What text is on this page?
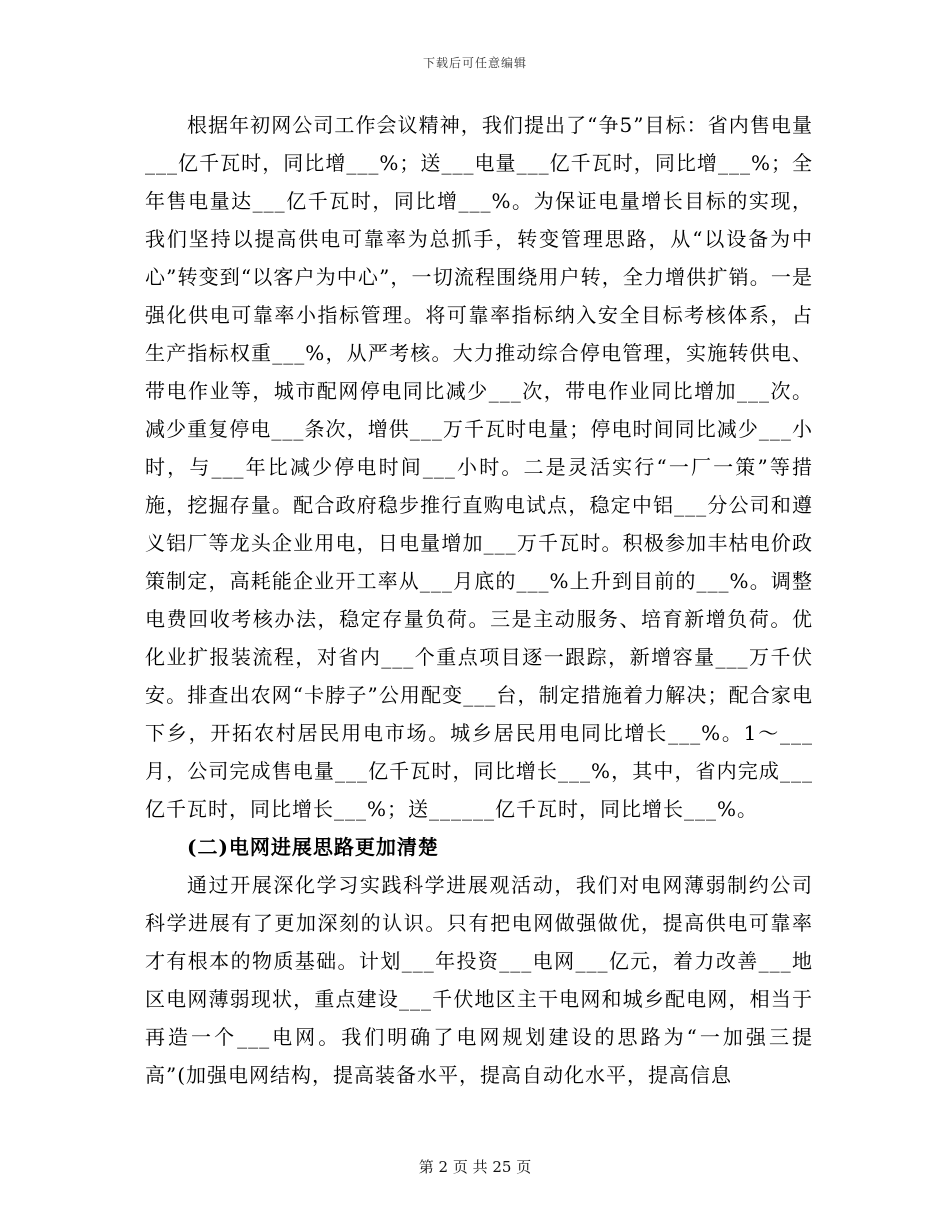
下载后可任意编辑

根据年初网公司工作会议精神，我们提出了“争5”目标：省内售电量___亿千瓦时，同比增___%；送___电量___亿千瓦时，同比增___%；全年售电量达___亿千瓦时，同比增___%。为保证电量增长目标的实现，我们坚持以提高供电可靠率为总抓手，转变管理思路，从“以设备为中心”转变到“以客户为中心”，一切流程围绕用户转，全力增供扩销。一是强化供电可靠率小指标管理。将可靠率指标纳入安全目标考核体系，占生产指标权重___%，从严考核。大力推动综合停电管理，实施转供电、带电作业等，城市配网停电同比减少___次，带电作业同比增加___次。减少重复停电___条次，增供___万千瓦时电量；停电时间同比减少___小时，与___年比减少停电时间___小时。二是灵活实行“一厂一策”等措施，挖掘存量。配合政府稳步推行直购电试点，稳定中铝___分公司和遵义铝厂等龙头企业用电，日电量增加___万千瓦时。积极参加丰枯电价政策制定，高耗能企业开工率从___月底的___%上升到目前的___%。调整电费回收考核办法，稳定存量负荷。三是主动服务、培育新增负荷。优化业扩报装流程，对省内___个重点项目逐一跟踪，新增容量___万千伏安。排查出农网“卡脖子”公用配变___台，制定措施着力解决；配合家电下乡，开拓农村居民用电市场。城乡居民用电同比增长___%。1～___月，公司完成售电量___亿千瓦时，同比增长___%，其中，省内完成___亿千瓦时，同比增长___%；送______亿千瓦时，同比增长___%。

(二)电网进展思路更加清楚

通过开展深化学习实践科学进展观活动，我们对电网薄弱制约公司科学进展有了更加深刻的认识。只有把电网做强做优，提高供电可靠率才有根本的物质基础。计划___年投资___电网___亿元，着力改善___地区电网薄弱现状，重点建设___千伏地区主干电网和城乡配电网，相当于再造一个___电网。我们明确了电网规划建设的思路为“一加强三提高”(加强电网结构，提高装备水平，提高自动化水平，提高信息

第 2 页 共 25 页
